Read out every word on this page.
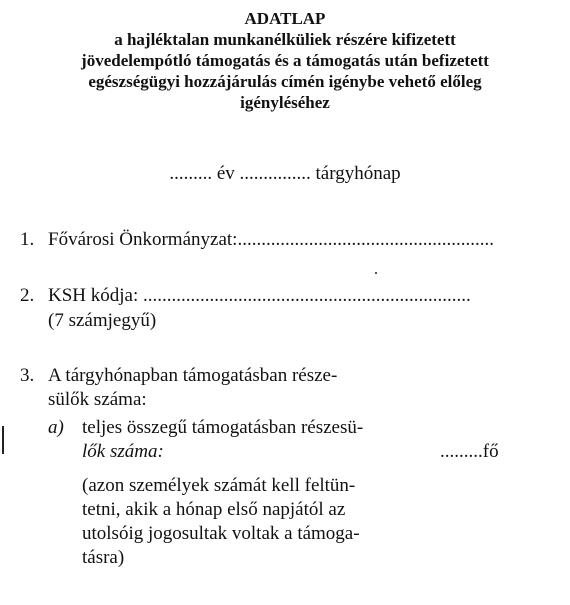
ADATLAP
a hajléktalan munkanélküliek részére kifizetett
jövedelempótló támogatás és a támogatás után befizetett
egészségügyi hozzájárulás címén igénybe vehető előleg
igényléséhez
......... év ............... tárgyhónap
1. Fővárosi Önkormányzat:......................................................
2. KSH kódja: .....................................................................
(7 számjegyű)
3. A tárgyhónapban támogatásban része-
sülők száma:
a) teljes összegű támogatásban részesü-
lők száma:	.........fő
(azon személyek számát kell feltün-
tetni, akik a hónap első napjától az
utolsóig jogosultak voltak a támoga-
tásra)
